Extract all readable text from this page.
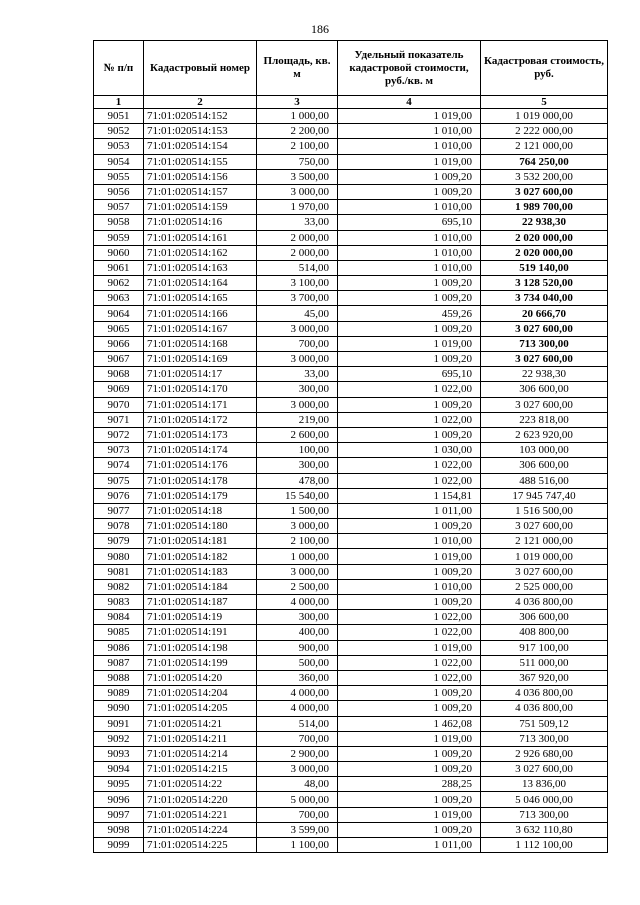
186
№ п/п	Кадастровый номер	Площадь, кв. м	Удельный показатель кадастровой стоимости, руб./кв. м	Кадастровая стоимость, руб.
1	2	3	4	5
9051	71:01:020514:152	1 000,00	1 019,00	1 019 000,00
9052	71:01:020514:153	2 200,00	1 010,00	2 222 000,00
9053	71:01:020514:154	2 100,00	1 010,00	2 121 000,00
9054	71:01:020514:155	750,00	1 019,00	764 250,00
9055	71:01:020514:156	3 500,00	1 009,20	3 532 200,00
9056	71:01:020514:157	3 000,00	1 009,20	3 027 600,00
9057	71:01:020514:159	1 970,00	1 010,00	1 989 700,00
9058	71:01:020514:16	33,00	695,10	22 938,30
9059	71:01:020514:161	2 000,00	1 010,00	2 020 000,00
9060	71:01:020514:162	2 000,00	1 010,00	2 020 000,00
9061	71:01:020514:163	514,00	1 010,00	519 140,00
9062	71:01:020514:164	3 100,00	1 009,20	3 128 520,00
9063	71:01:020514:165	3 700,00	1 009,20	3 734 040,00
9064	71:01:020514:166	45,00	459,26	20 666,70
9065	71:01:020514:167	3 000,00	1 009,20	3 027 600,00
9066	71:01:020514:168	700,00	1 019,00	713 300,00
9067	71:01:020514:169	3 000,00	1 009,20	3 027 600,00
9068	71:01:020514:17	33,00	695,10	22 938,30
9069	71:01:020514:170	300,00	1 022,00	306 600,00
9070	71:01:020514:171	3 000,00	1 009,20	3 027 600,00
9071	71:01:020514:172	219,00	1 022,00	223 818,00
9072	71:01:020514:173	2 600,00	1 009,20	2 623 920,00
9073	71:01:020514:174	100,00	1 030,00	103 000,00
9074	71:01:020514:176	300,00	1 022,00	306 600,00
9075	71:01:020514:178	478,00	1 022,00	488 516,00
9076	71:01:020514:179	15 540,00	1 154,81	17 945 747,40
9077	71:01:020514:18	1 500,00	1 011,00	1 516 500,00
9078	71:01:020514:180	3 000,00	1 009,20	3 027 600,00
9079	71:01:020514:181	2 100,00	1 010,00	2 121 000,00
9080	71:01:020514:182	1 000,00	1 019,00	1 019 000,00
9081	71:01:020514:183	3 000,00	1 009,20	3 027 600,00
9082	71:01:020514:184	2 500,00	1 010,00	2 525 000,00
9083	71:01:020514:187	4 000,00	1 009,20	4 036 800,00
9084	71:01:020514:19	300,00	1 022,00	306 600,00
9085	71:01:020514:191	400,00	1 022,00	408 800,00
9086	71:01:020514:198	900,00	1 019,00	917 100,00
9087	71:01:020514:199	500,00	1 022,00	511 000,00
9088	71:01:020514:20	360,00	1 022,00	367 920,00
9089	71:01:020514:204	4 000,00	1 009,20	4 036 800,00
9090	71:01:020514:205	4 000,00	1 009,20	4 036 800,00
9091	71:01:020514:21	514,00	1 462,08	751 509,12
9092	71:01:020514:211	700,00	1 019,00	713 300,00
9093	71:01:020514:214	2 900,00	1 009,20	2 926 680,00
9094	71:01:020514:215	3 000,00	1 009,20	3 027 600,00
9095	71:01:020514:22	48,00	288,25	13 836,00
9096	71:01:020514:220	5 000,00	1 009,20	5 046 000,00
9097	71:01:020514:221	700,00	1 019,00	713 300,00
9098	71:01:020514:224	3 599,00	1 009,20	3 632 110,80
9099	71:01:020514:225	1 100,00	1 011,00	1 112 100,00
